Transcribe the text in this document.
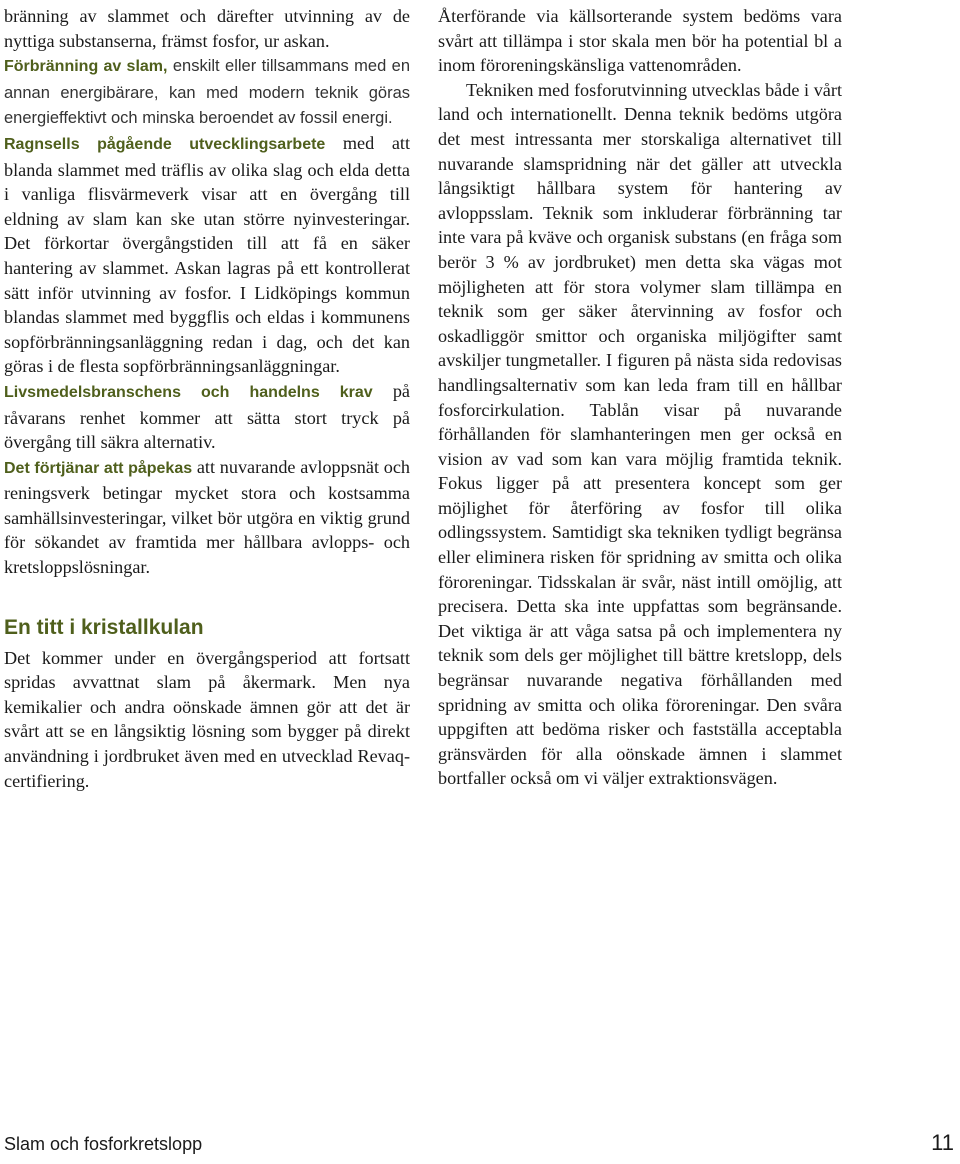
bränning av slammet och därefter utvinning av de nyttiga substanserna, främst fosfor, ur askan.

Förbränning av slam, enskilt eller tillsammans med en annan energibärare, kan med modern teknik göras energieffektivt och minska beroendet av fossil energi.

Ragnsells pågående utvecklingsarbete med att blanda slammet med träflis av olika slag och elda detta i vanliga flisvärmeverk visar att en övergång till eldning av slam kan ske utan större nyinvesteringar. Det förkortar övergångstiden till att få en säker hantering av slammet. Askan lagras på ett kontrollerat sätt inför utvinning av fosfor. I Lidköpings kommun blandas slammet med byggflis och eldas i kommunens sopförbränningsanläggning redan i dag, och det kan göras i de flesta sopförbränningsanläggningar.

Livsmedelsbranschens och handelns krav på råvarans renhet kommer att sätta stort tryck på övergång till säkra alternativ.

Det förtjänar att påpekas att nuvarande avloppsnät och reningsverk betingar mycket stora och kostsamma samhällsinvesteringar, vilket bör utgöra en viktig grund för sökandet av framtida mer hållbara avlopps- och kretsloppslösningar.

En titt i kristallkulan

Det kommer under en övergångsperiod att fortsatt spridas avvattnat slam på åkermark. Men nya kemikalier och andra oönskade ämnen gör att det är svårt att se en långsiktig lösning som bygger på direkt användning i jordbruket även med en utvecklad Revaq-certifiering.

Återförande via källsorterande system bedöms vara svårt att tillämpa i stor skala men bör ha potential bl a inom föroreningskänsliga vattenområden.

Tekniken med fosforutvinning utvecklas både i vårt land och internationellt. Denna teknik bedöms utgöra det mest intressanta mer storskaliga alternativet till nuvarande slamspridning när det gäller att utveckla långsiktigt hållbara system för hantering av avloppsslam. Teknik som inkluderar förbränning tar inte vara på kväve och organisk substans (en fråga som berör 3 % av jordbruket) men detta ska vägas mot möjligheten att för stora volymer slam tillämpa en teknik som ger säker återvinning av fosfor och oskadliggör smittor och organiska miljögifter samt avskiljer tungmetaller. I figuren på nästa sida redovisas handlingsalternativ som kan leda fram till en hållbar fosforcirkulation. Tablån visar på nuvarande förhållanden för slamhanteringen men ger också en vision av vad som kan vara möjlig framtida teknik. Fokus ligger på att presentera koncept som ger möjlighet för återföring av fosfor till olika odlingssystem. Samtidigt ska tekniken tydligt begränsa eller eliminera risken för spridning av smitta och olika föroreningar. Tidsskalan är svår, näst intill omöjlig, att precisera. Detta ska inte uppfattas som begränsande. Det viktiga är att våga satsa på och implementera ny teknik som dels ger möjlighet till bättre kretslopp, dels begränsar nuvarande negativa förhållanden med spridning av smitta och olika föroreningar. Den svåra uppgiften att bedöma risker och fastställa acceptabla gränsvärden för alla oönskade ämnen i slammet bortfaller också om vi väljer extraktionsvägen.

Slam och fosforkretslopp	11
